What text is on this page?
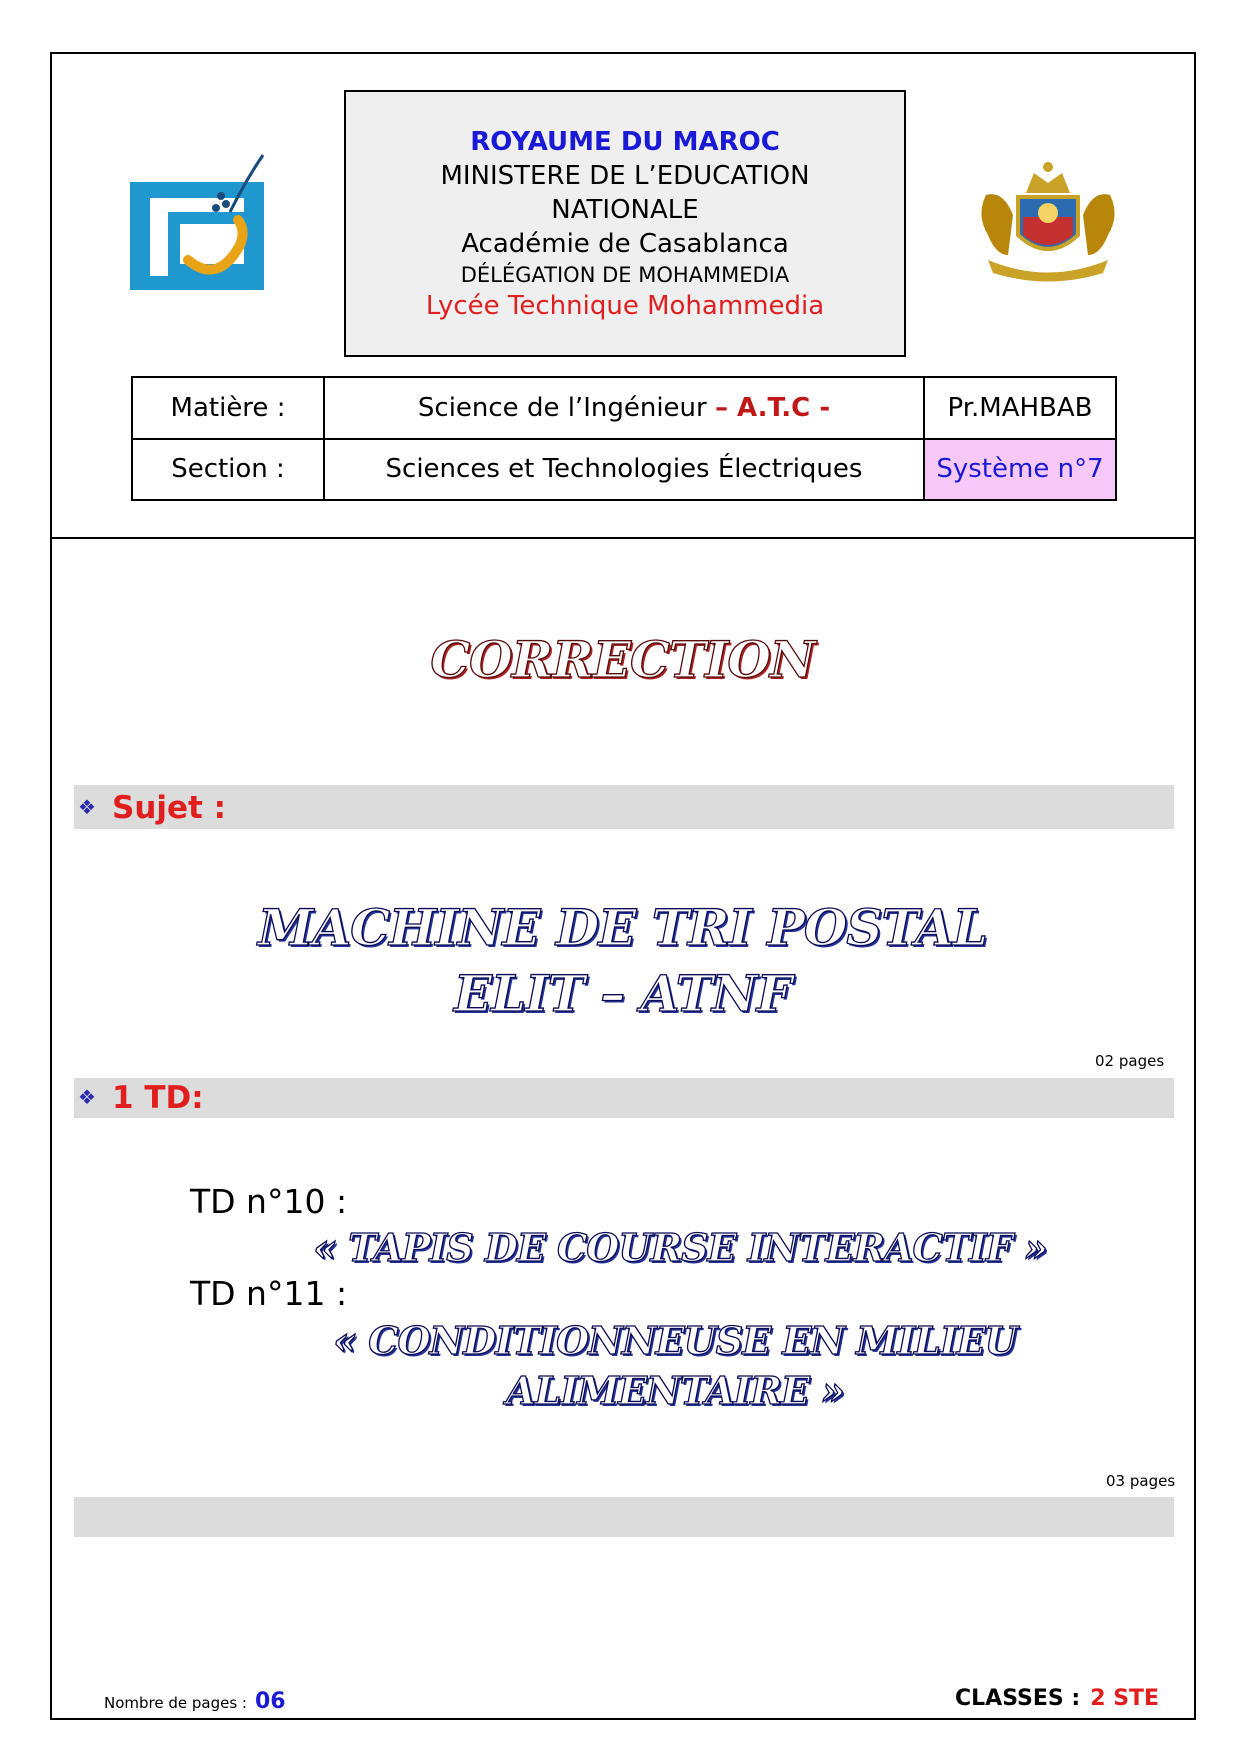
ROYAUME DU MAROC
MINISTERE DE L’EDUCATION
NATIONALE
Académie de Casablanca
DÉLÉGATION DE MOHAMMEDIA
Lycée Technique Mohammedia
Matière :	Science de l’Ingénieur – A.T.C -	Pr.MAHBAB
Section :	Sciences et Technologies Électriques	Système n°7
CORRECTION
❖
Sujet :
MACHINE DE TRI POSTAL
ELIT – ATNF
02 pages
❖
1 TD:
TD n°10 :
« TAPIS DE COURSE INTERACTIF »
TD n°11 :
« CONDITIONNEUSE EN MILIEU
ALIMENTAIRE »
03 pages
Nombre de pages : 06	CLASSES : 2 STE
